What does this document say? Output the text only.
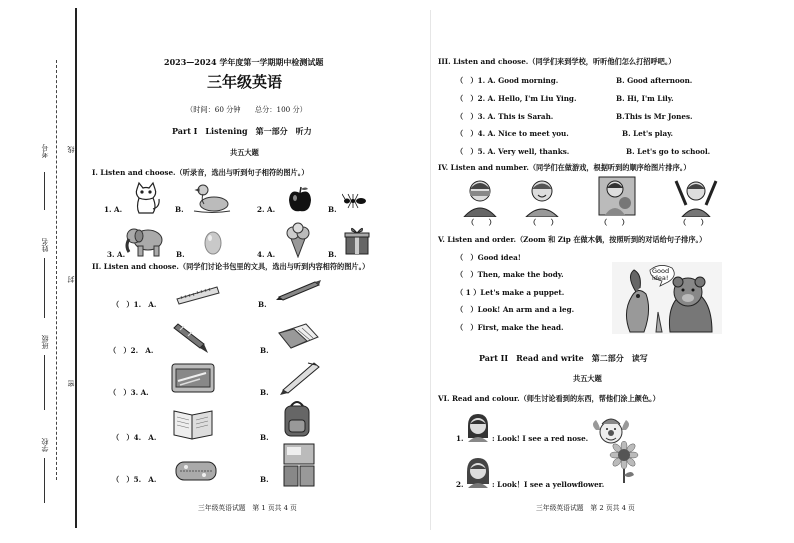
考号	线
姓名
封
班级
密
学校
2023—2024 学年度第一学期期中检测试题
三年级英语
（时间：60 分钟　　总分：100 分）
Part I　Listening　第一部分　听力
共五大题
I. Listen and choose.（听录音，选出与听到句子相符的图片。）
1. A.	B.	2. A.	B.
3. A.	B.	4. A.	B.
II. Listen and choose.（同学们讨论书包里的文具，选出与听到内容相符的图片。）
（　）1.　A.	B.
（　）2.　A.	B.
（　）3. A.	B.
（　）4.　A.	B.
（　）5.　A.	B.
三年级英语试题　第 1 页共 4 页
III. Listen and choose.（同学们来到学校，听听他们怎么打招呼吧。）
（　）1. A. Good morning.	B. Good afternoon.
（　）2. A. Hello, I'm Liu Ying.	B. Hi, I'm Lily.
（　）3. A. This is Sarah.	B.This is Mr Jones.
（　）4. A. Nice to meet you.	B. Let's play.
（　）5. A. Very well, thanks.	B. Let's go to school.
IV. Listen and number.（同学们在做游戏，根据听到的顺序给图片排序。）
（　　）	（　　）	（　　）	（　　）
V. Listen and order.（Zoom 和 Zip 在做木偶，按照听到的对话给句子排序。）
（　）Good idea!
（　）Then, make the body.
（ 1 ）Let's make a puppet.
（　）Look! An arm and a leg.
（　）First, make the head.
Good idea!
Part II　Read and write　第二部分　读写
共五大题
VI. Read and colour.（师生讨论看到的东西，帮他们涂上颜色。）
1.	: Look! I see a red nose.
2.	: Look！I see a yellowflower.
三年级英语试题　第 2 页共 4 页
